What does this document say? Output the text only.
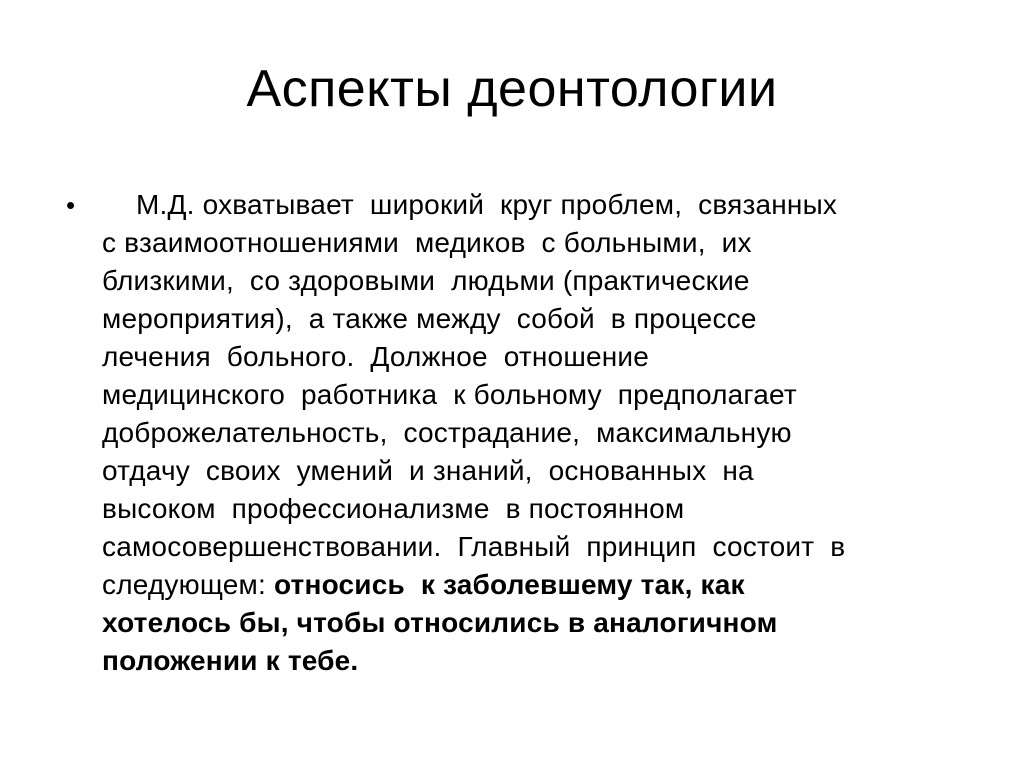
Аспекты деонтологии
•	М.Д. охватывает  широкий  круг проблем,  связанных
с взаимоотношениями  медиков  с больными,  их
близкими,  со здоровыми  людьми (практические
мероприятия),  а также между  собой  в процессе
лечения  больного.  Должное  отношение
медицинского  работника  к больному  предполагает
доброжелательность,  сострадание,  максимальную
отдачу  своих  умений  и знаний,  основанных  на
высоком  профессионализме  в постоянном
самосовершенствовании.  Главный  принцип  состоит  в
следующем: относись  к заболевшему так, как
хотелось бы, чтобы относились в аналогичном
положении к тебе.
